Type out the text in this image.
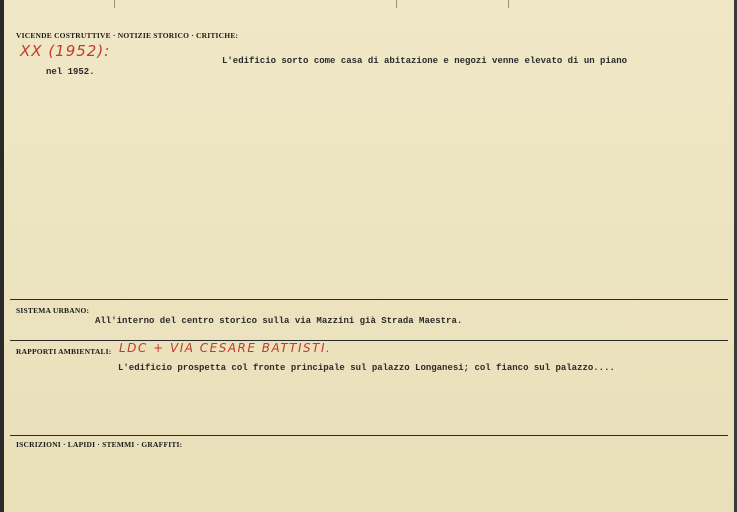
VICENDE COSTRUTTIVE · NOTIZIE STORICO · CRITICHE:
XX (1952):
L'edificio sorto come casa di abitazione e negozi venne elevato di un piano
nel 1952.
SISTEMA URBANO:
All'interno del centro storico sulla via Mazzini già Strada Maestra.
RAPPORTI AMBIENTALI: LDC + VIA CESARE BATTISTI.
L'edificio prospetta col fronte principale sul palazzo Longanesi; col fianco sul palazzo....
ISCRIZIONI · LAPIDI · STEMMI · GRAFFITI:
